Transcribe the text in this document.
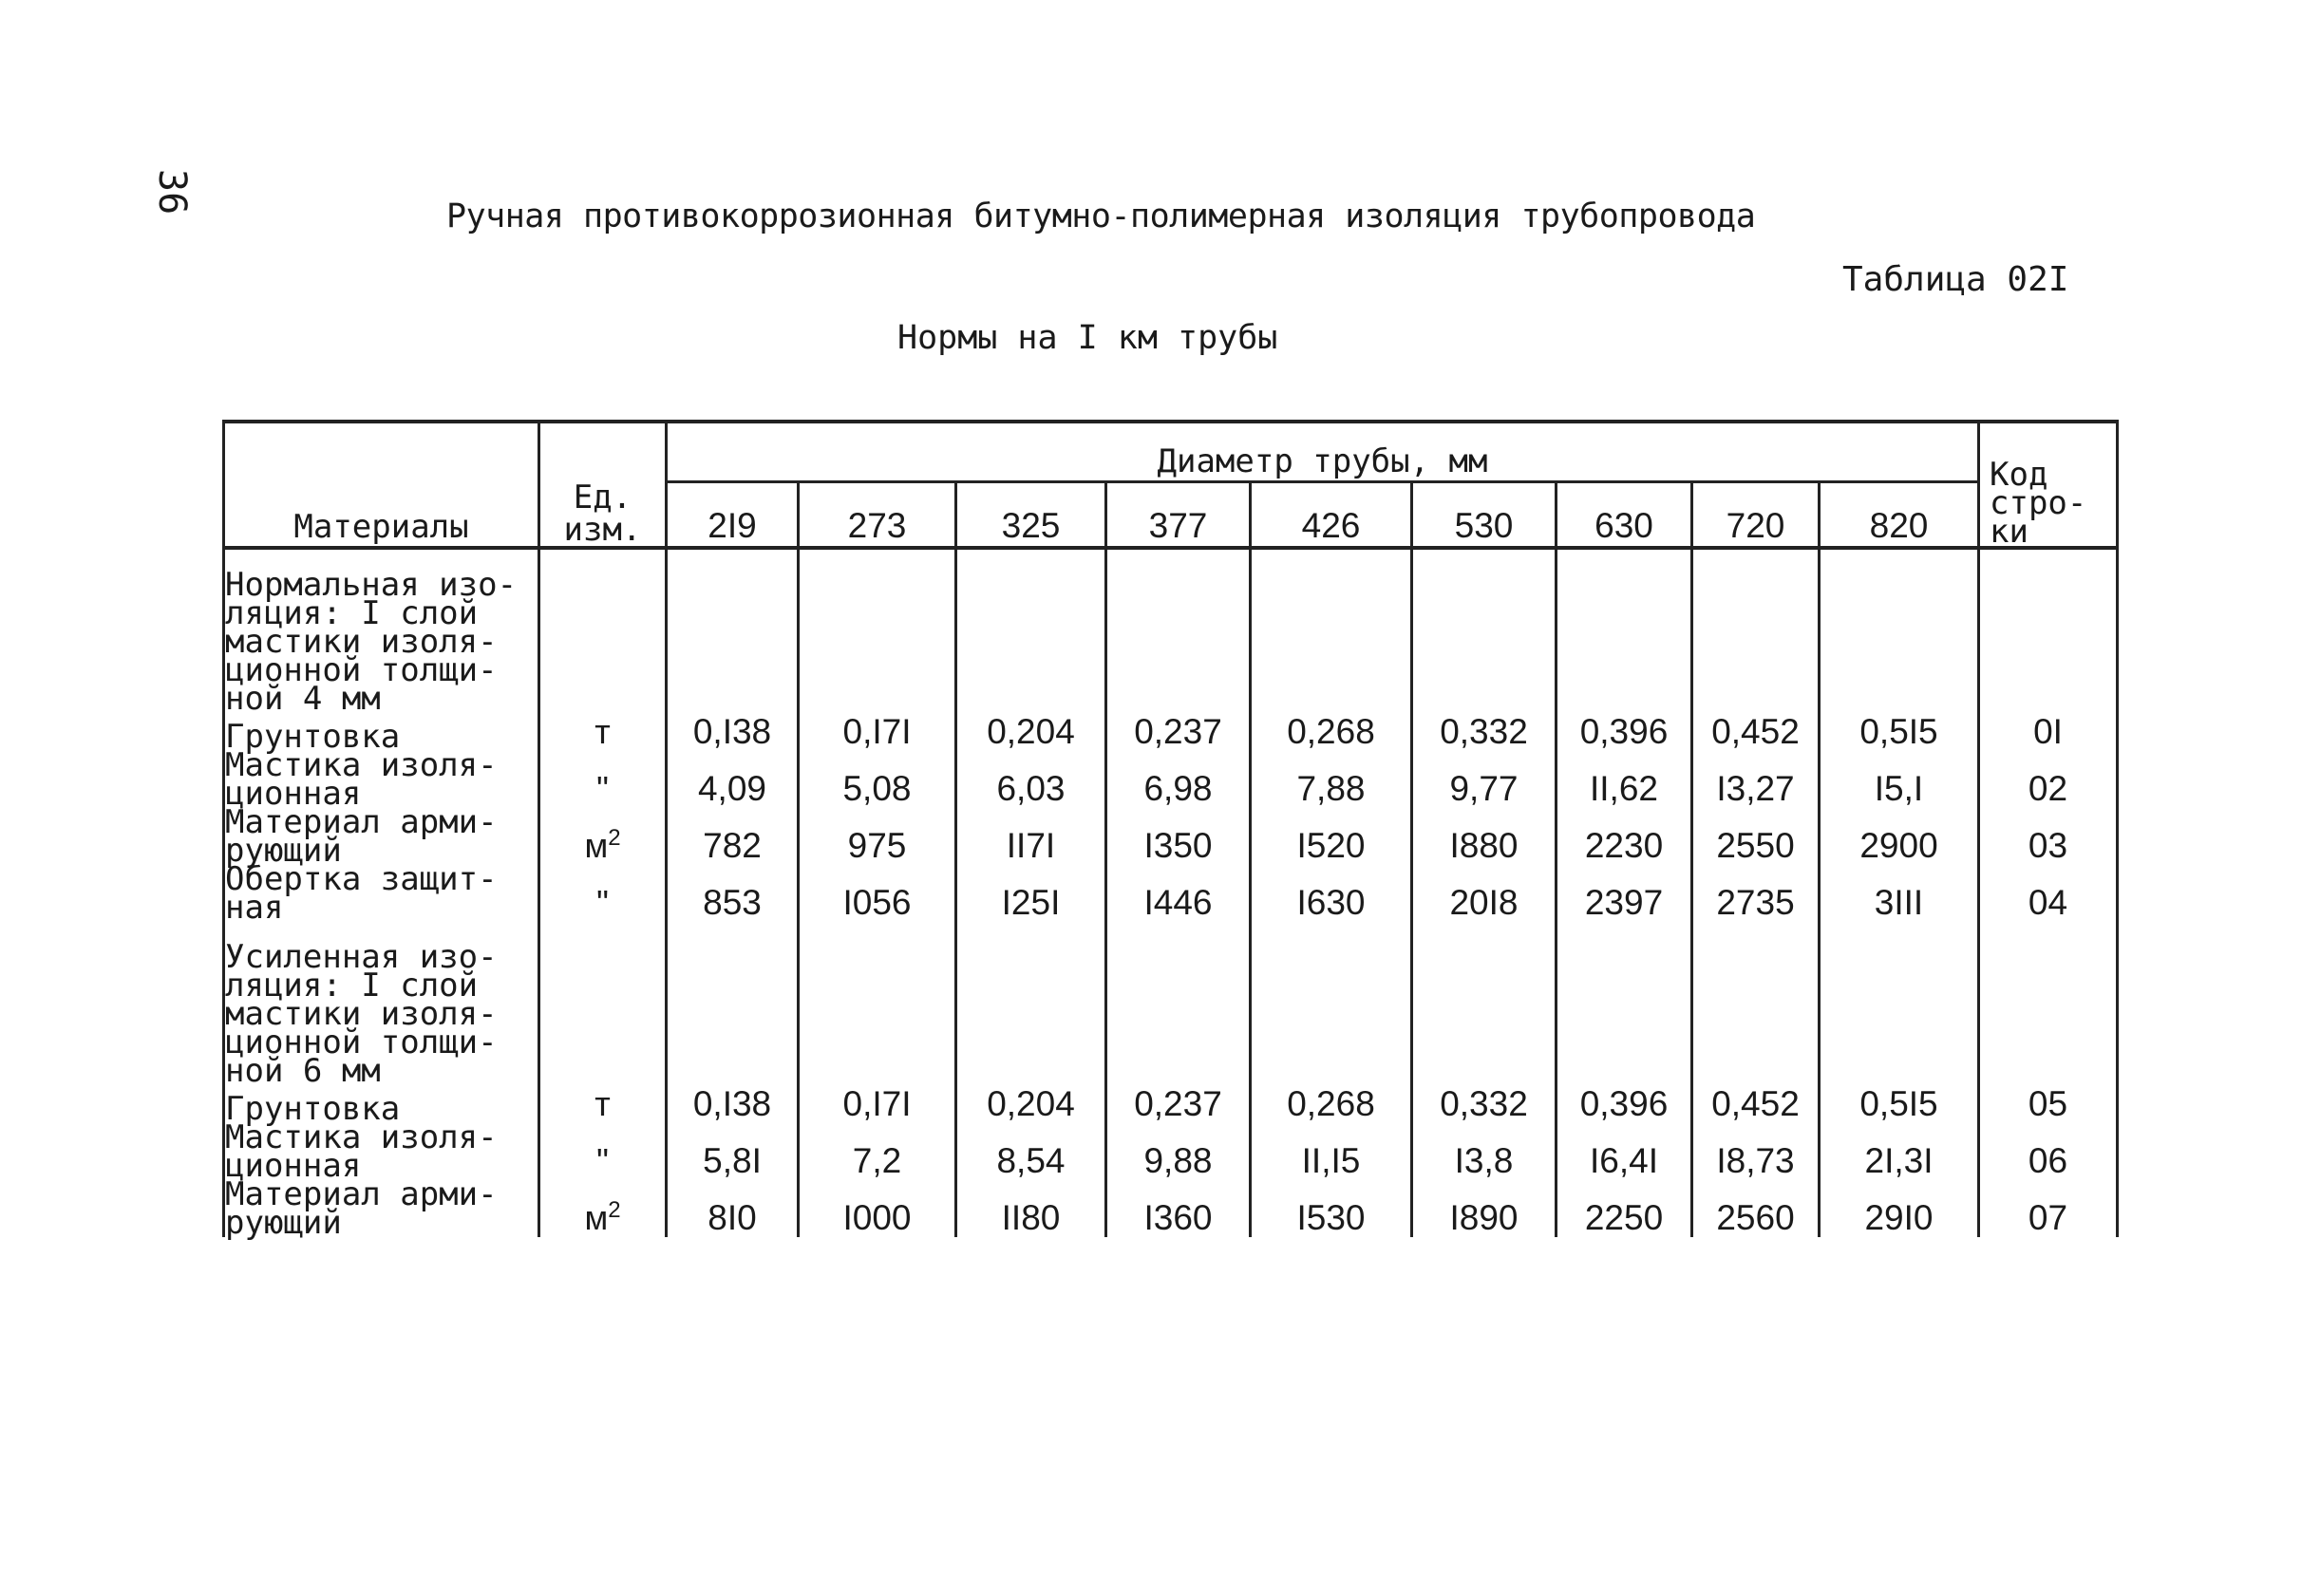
36
Ручная противокоррозионная битумно-полимерная изоляция трубопровода
Таблица 02I
Нормы на I км трубы
Материалы	Ед. изм.	Диаметр трубы, мм									Код стро-
ки
		2I9	273	325	377	426	530	630	720	820	
Нормальная изо-
ляция: I слой
мастики изоля-
ционной толщи-
ной 4 мм											
Грунтовка	т	0,I38	0,I7I	0,204	0,237	0,268	0,332	0,396	0,452	0,5I5	0I
Мастика изоля-
ционная	"	4,09	5,08	6,03	6,98	7,88	9,77	II,62	I3,27	I5,I	02
Материал арми-
рующий	$м^2$	782	975	II7I	I350	I520	I880	2230	2550	2900	03
Обертка защит-
ная	"	853	I056	I25I	I446	I630	20I8	2397	2735	3III	04
Усиленная изо-
ляция: I слой
мастики изоля-
ционной толщи-
ной 6 мм											
Грунтовка	т	0,I38	0,I7I	0,204	0,237	0,268	0,332	0,396	0,452	0,5I5	05
Мастика изоля-
ционная	"	5,8I	7,2	8,54	9,88	II,I5	I3,8	I6,4I	I8,73	2I,3I	06
Материал арми-
рующий	$м^2$	8I0	I000	II80	I360	I530	I890	2250	2560	29I0	07
